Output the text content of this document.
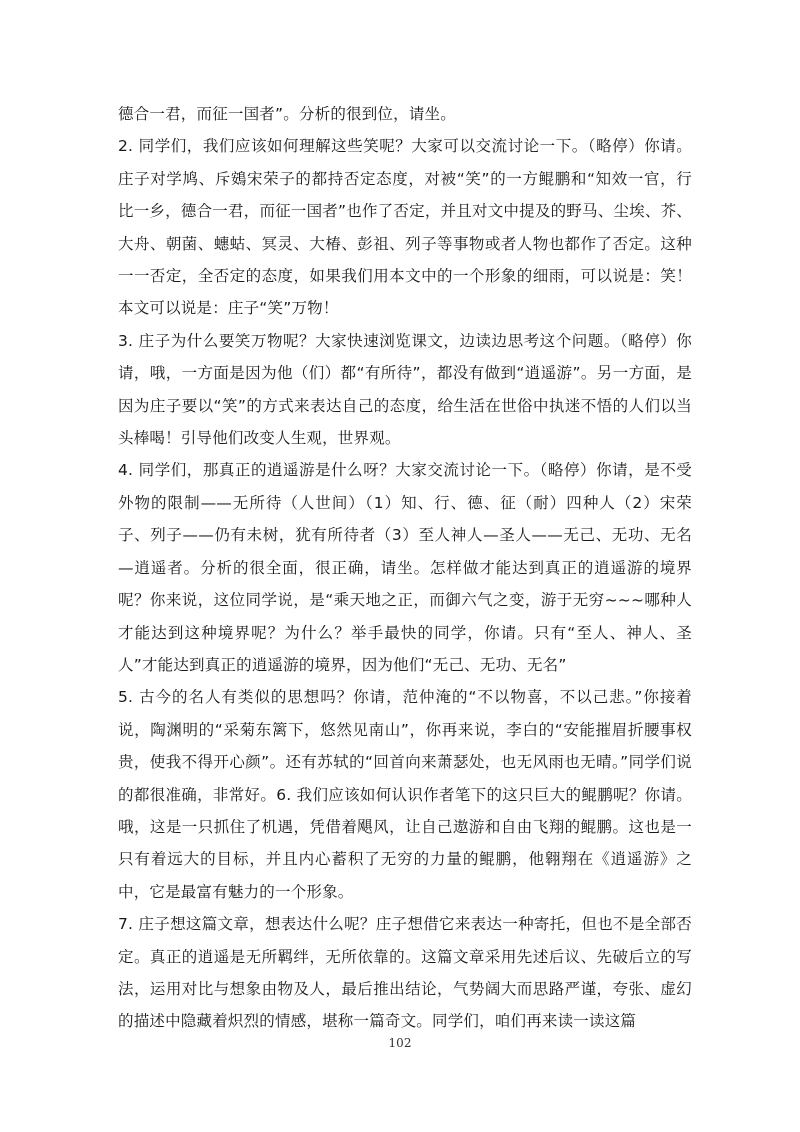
德合一君，而征一国者”。分析的很到位，请坐。

2. 同学们，我们应该如何理解这些笑呢？大家可以交流讨论一下。（略停）你请。庄子对学鸠、斥鴳宋荣子的都持否定态度，对被“笑”的一方鲲鹏和“知效一官，行比一乡，德合一君，而征一国者”也作了否定，并且对文中提及的野马、尘埃、芥、大舟、朝菌、蟪蛄、冥灵、大椿、彭祖、列子等事物或者人物也都作了否定。这种一一否定，全否定的态度，如果我们用本文中的一个形象的细雨，可以说是：笑！本文可以说是：庄子“笑”万物！

3. 庄子为什么要笑万物呢？大家快速浏览课文，边读边思考这个问题。（略停）你请，哦，一方面是因为他（们）都“有所待”，都没有做到“逍遥游”。另一方面，是因为庄子要以“笑”的方式来表达自己的态度，给生活在世俗中执迷不悟的人们以当头棒喝！引导他们改变人生观，世界观。

4. 同学们，那真正的逍遥游是什么呀？大家交流讨论一下。（略停）你请，是不受外物的限制——无所待（人世间）（1）知、行、德、征（耐）四种人（2）宋荣子、列子——仍有未树，犹有所待者（3）至人神人—圣人——无己、无功、无名—逍遥者。分析的很全面，很正确，请坐。怎样做才能达到真正的逍遥游的境界呢？你来说，这位同学说，是“乘天地之正，而御六气之变，游于无穷~~~哪种人才能达到这种境界呢？为什么？举手最快的同学，你请。只有“至人、神人、圣人”才能达到真正的逍遥游的境界，因为他们“无己、无功、无名”

5. 古今的名人有类似的思想吗？你请，范仲淹的“不以物喜，不以己悲。”你接着说，陶渊明的“采菊东篱下，悠然见南山”，你再来说，李白的“安能摧眉折腰事权贵，使我不得开心颜”。还有苏轼的“回首向来萧瑟处，也无风雨也无晴。”同学们说的都很准确，非常好。6. 我们应该如何认识作者笔下的这只巨大的鲲鹏呢？你请。哦，这是一只抓住了机遇，凭借着飓风，让自己遨游和自由飞翔的鲲鹏。这也是一只有着远大的目标，并且内心蓄积了无穷的力量的鲲鹏，他翱翔在《逍遥游》之中，它是最富有魅力的一个形象。

7. 庄子想这篇文章，想表达什么呢？庄子想借它来表达一种寄托，但也不是全部否定。真正的逍遥是无所羁绊，无所依靠的。这篇文章采用先述后议、先破后立的写法，运用对比与想象由物及人，最后推出结论，气势阔大而思路严谨，夸张、虚幻的描述中隐藏着炽烈的情感，堪称一篇奇文。同学们，咱们再来读一读这篇

102
